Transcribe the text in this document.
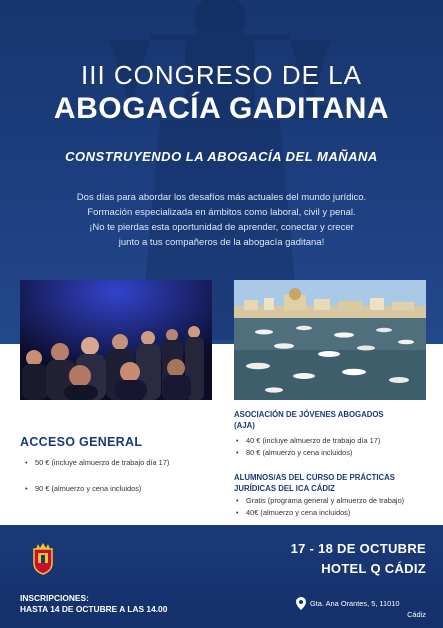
III CONGRESO DE LA
ABOGACÍA GADITANA
CONSTRUYENDO LA ABOGACÍA DEL MAÑANA
Dos días para abordar los desafíos más actuales del mundo jurídico.
Formación especializada en ámbitos como laboral, civil y penal.
¡No te pierdas esta oportunidad de aprender, conectar y crecer
junto a tus compañeros de la abogacía gaditana!
ACCESO GENERAL
• 50 € (incluye almuerzo de trabajo día 17)
• 90 € (almuerzo y cena incluidos)
ASOCIACIÓN DE JÓVENES ABOGADOS
(AJA)
• 40 € (incluye almuerzo de trabajo día 17)
• 80 € (almuerzo y cena incluidos)
ALUMNOS/AS DEL CURSO DE PRÁCTICAS
JURÍDICAS DEL ICA CÁDIZ
• Gratis (programa general y almuerzo de trabajo)
• 40€ (almuerzo y cena incluidos)
17 - 18 DE OCTUBRE
HOTEL Q CÁDIZ
INSCRIPCIONES:
HASTA 14 DE OCTUBRE A LAS 14.00
Gta. Ana Orantes, 5, 11010
Cádiz
